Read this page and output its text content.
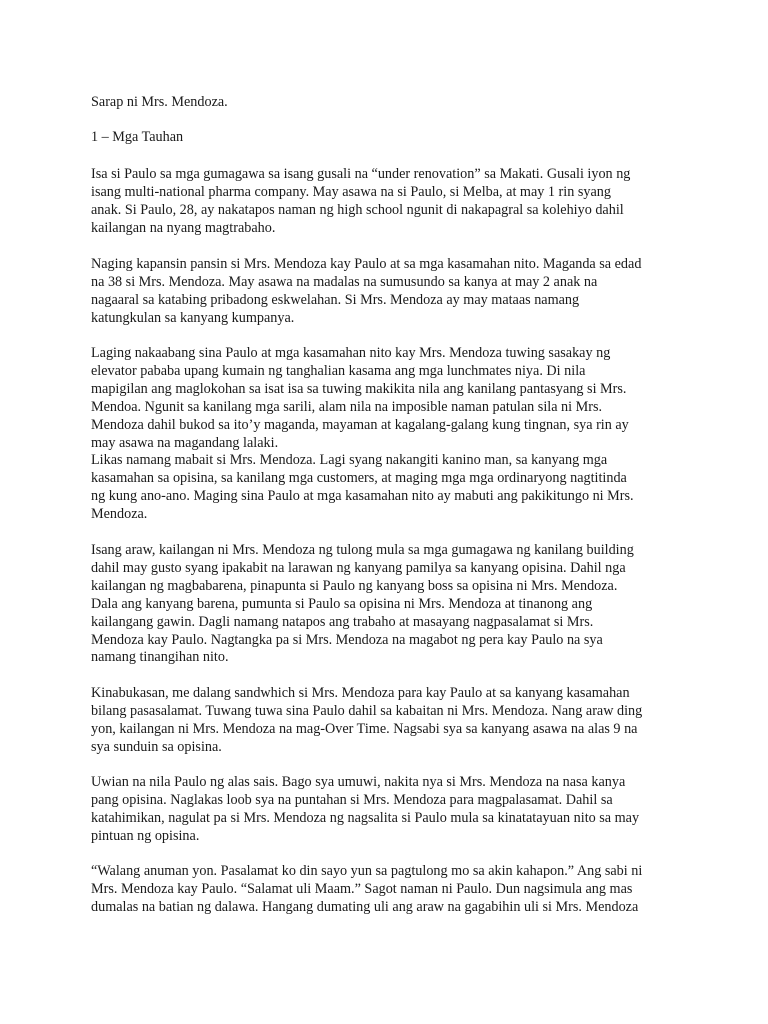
Sarap ni Mrs. Mendoza.
1 – Mga Tauhan
Isa si Paulo sa mga gumagawa sa isang gusali na “under renovation” sa Makati. Gusali iyon ng
isang multi-national pharma company. May asawa na si Paulo, si Melba, at may 1 rin syang
anak. Si Paulo, 28, ay nakatapos naman ng high school ngunit di nakapagral sa kolehiyo dahil
kailangan na nyang magtrabaho.
Naging kapansin pansin si Mrs. Mendoza kay Paulo at sa mga kasamahan nito. Maganda sa edad
na 38 si Mrs. Mendoza. May asawa na madalas na sumusundo sa kanya at may 2 anak na
nagaaral sa katabing pribadong eskwelahan. Si Mrs. Mendoza ay may mataas namang
katungkulan sa kanyang kumpanya.
Laging nakaabang sina Paulo at mga kasamahan nito kay Mrs. Mendoza tuwing sasakay ng
elevator pababa upang kumain ng tanghalian kasama ang mga lunchmates niya. Di nila
mapigilan ang maglokohan sa isat isa sa tuwing makikita nila ang kanilang pantasyang si Mrs.
Mendoa. Ngunit sa kanilang mga sarili, alam nila na imposible naman patulan sila ni Mrs.
Mendoza dahil bukod sa ito’y maganda, mayaman at kagalang-galang kung tingnan, sya rin ay
may asawa na magandang lalaki.
Likas namang mabait si Mrs. Mendoza. Lagi syang nakangiti kanino man, sa kanyang mga
kasamahan sa opisina, sa kanilang mga customers, at maging mga mga ordinaryong nagtitinda
ng kung ano-ano. Maging sina Paulo at mga kasamahan nito ay mabuti ang pakikitungo ni Mrs.
Mendoza.
Isang araw, kailangan ni Mrs. Mendoza ng tulong mula sa mga gumagawa ng kanilang building
dahil may gusto syang ipakabit na larawan ng kanyang pamilya sa kanyang opisina. Dahil nga
kailangan ng magbabarena, pinapunta si Paulo ng kanyang boss sa opisina ni Mrs. Mendoza.
Dala ang kanyang barena, pumunta si Paulo sa opisina ni Mrs. Mendoza at tinanong ang
kailangang gawin. Dagli namang natapos ang trabaho at masayang nagpasalamat si Mrs.
Mendoza kay Paulo. Nagtangka pa si Mrs. Mendoza na magabot ng pera kay Paulo na sya
namang tinangihan nito.
Kinabukasan, me dalang sandwhich si Mrs. Mendoza para kay Paulo at sa kanyang kasamahan
bilang pasasalamat. Tuwang tuwa sina Paulo dahil sa kabaitan ni Mrs. Mendoza. Nang araw ding
yon, kailangan ni Mrs. Mendoza na mag-Over Time. Nagsabi sya sa kanyang asawa na alas 9 na
sya sunduin sa opisina.
Uwian na nila Paulo ng alas sais. Bago sya umuwi, nakita nya si Mrs. Mendoza na nasa kanya
pang opisina. Naglakas loob sya na puntahan si Mrs. Mendoza para magpalasamat. Dahil sa
katahimikan, nagulat pa si Mrs. Mendoza ng nagsalita si Paulo mula sa kinatatayuan nito sa may
pintuan ng opisina.
“Walang anuman yon. Pasalamat ko din sayo yun sa pagtulong mo sa akin kahapon.” Ang sabi ni
Mrs. Mendoza kay Paulo. “Salamat uli Maam.” Sagot naman ni Paulo. Dun nagsimula ang mas
dumalas na batian ng dalawa. Hangang dumating uli ang araw na gagabihin uli si Mrs. Mendoza
